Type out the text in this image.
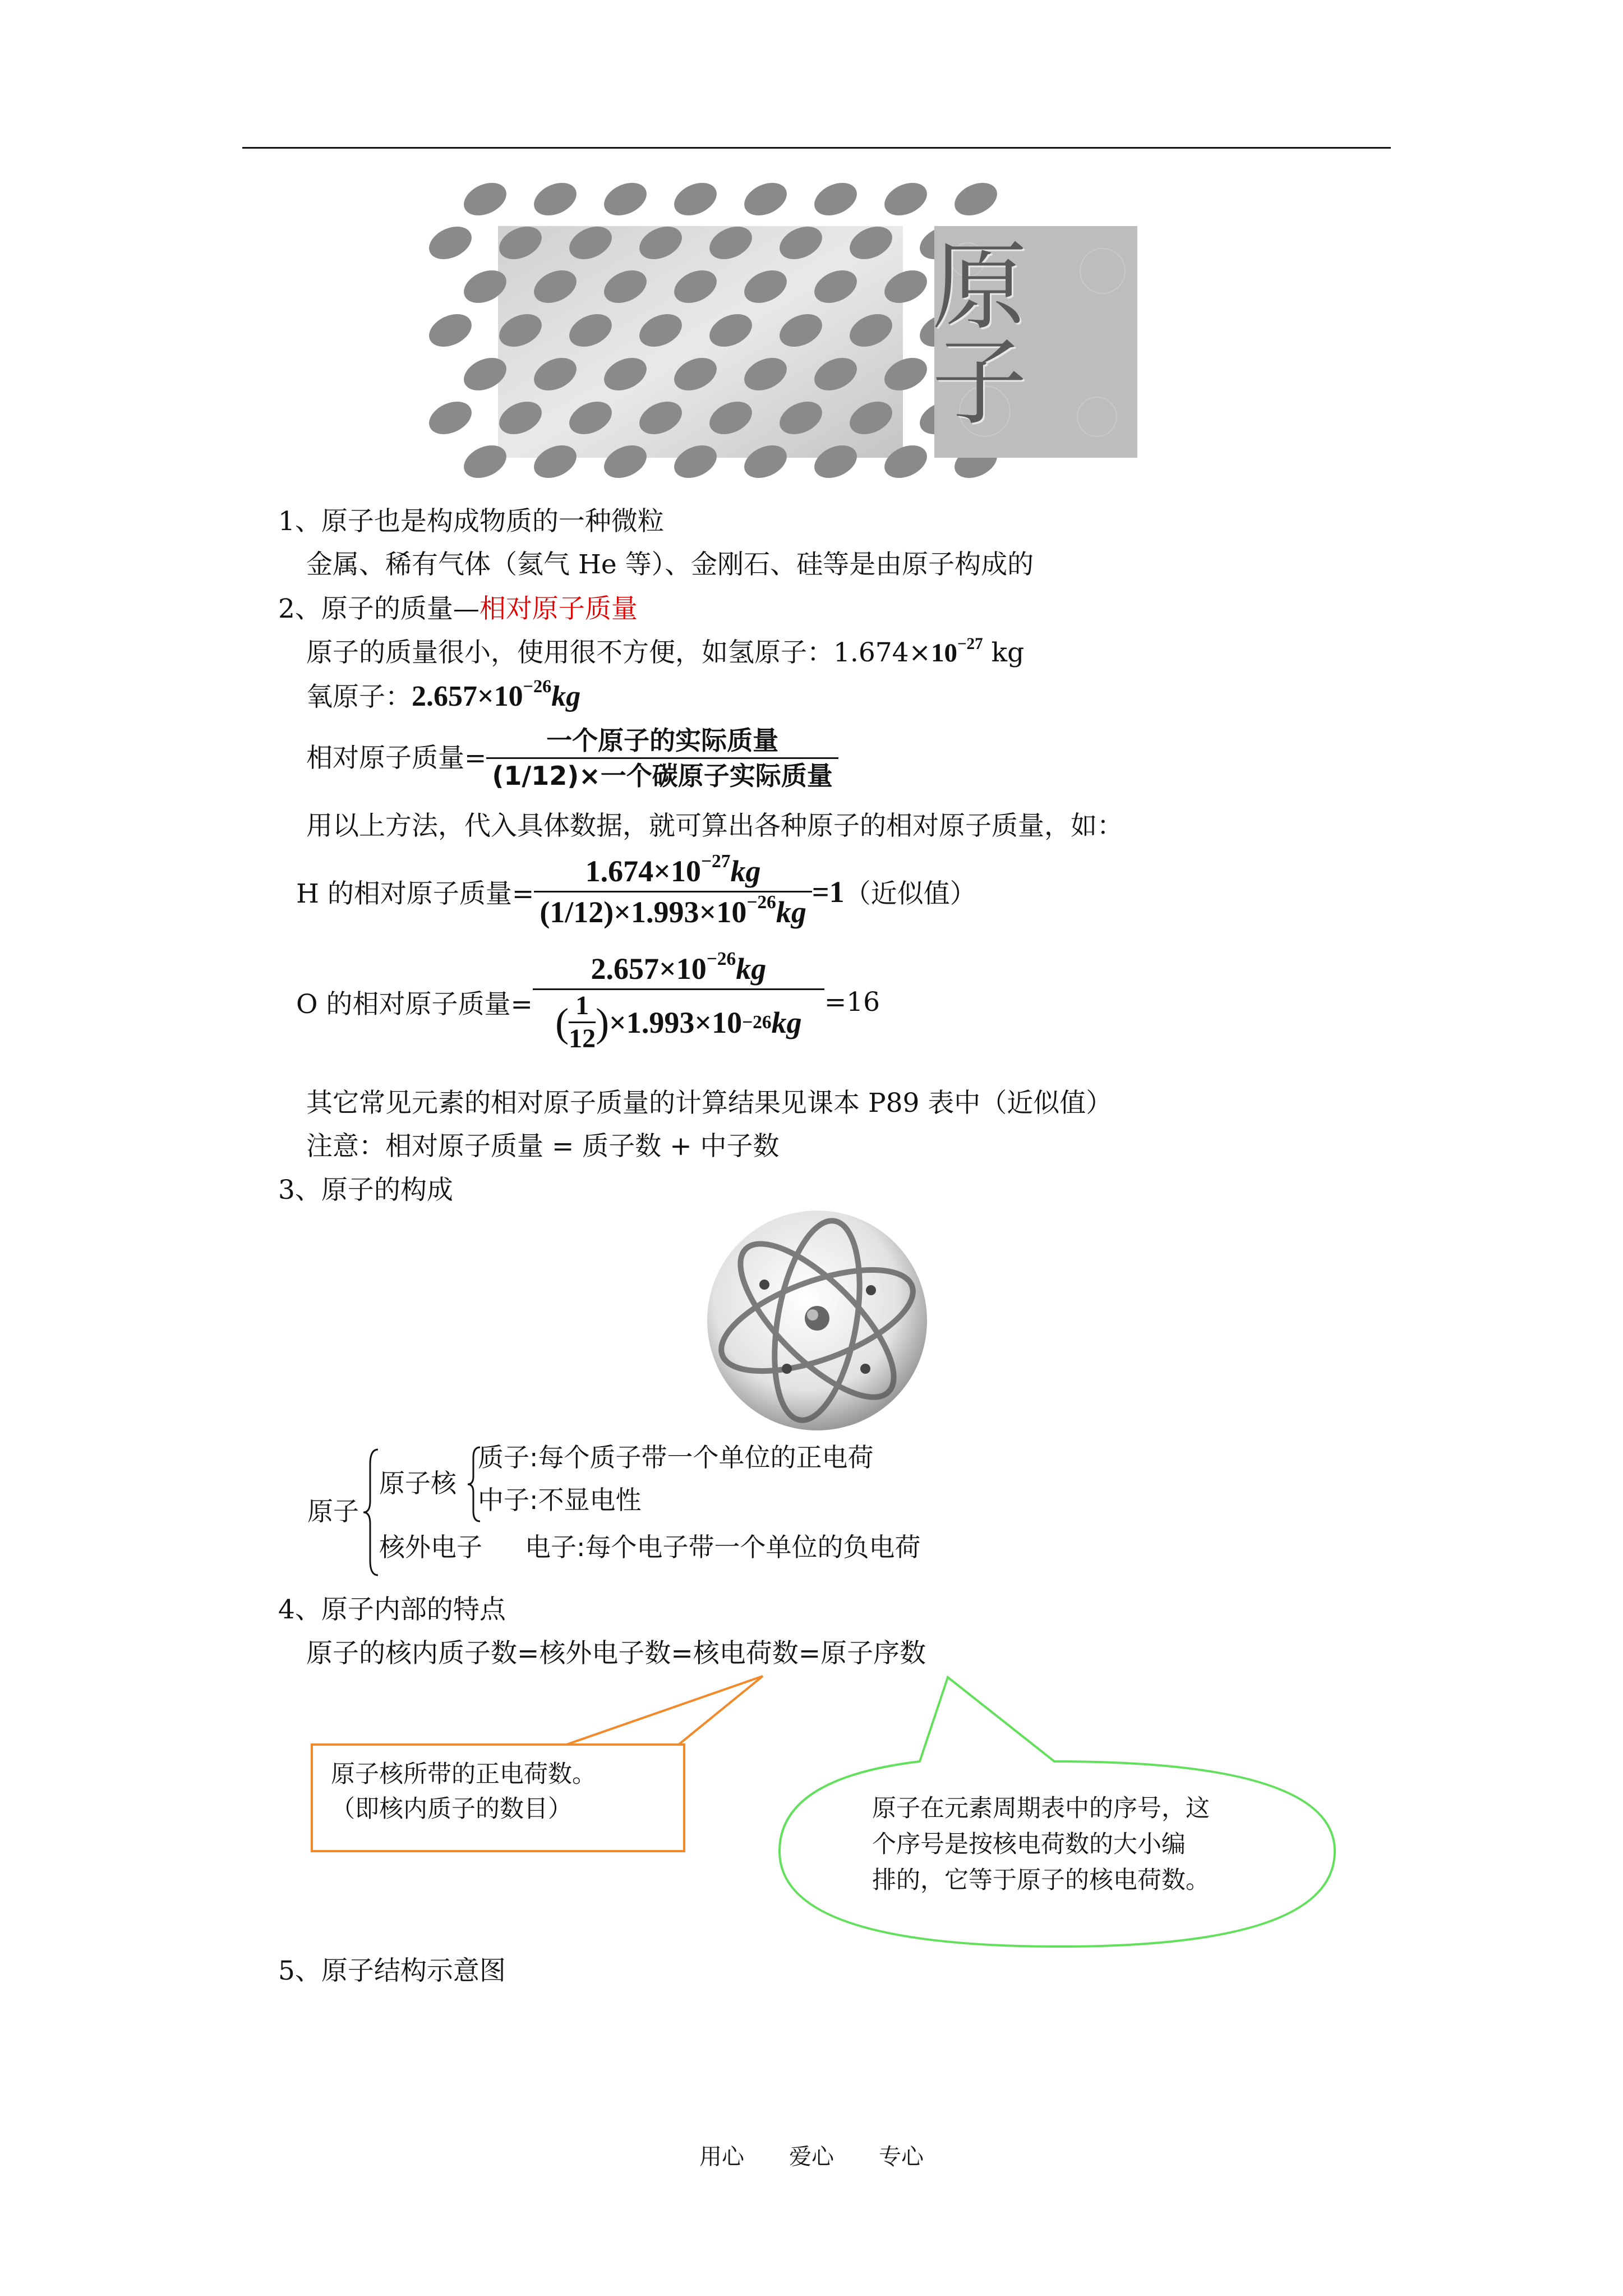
原子
1、原子也是构成物质的一种微粒
金属、稀有气体（氦气 He 等）、金刚石、硅等是由原子构成的
2、原子的质量—相对原子质量
原子的质量很小，使用很不方便，如氢原子：$1.674\times 10^{-27}$ kg
氧原子：$2.657\times 10^{-26}kg$
相对原子质量= $\frac{\text{一个原子的实际质量}}{\text{(1/12)×一个碳原子实际质量}}$
用以上方法，代入具体数据，就可算出各种原子的相对原子质量，如：
H 的相对原子质量= $\frac{1.674\times 10^{-27}kg}{(1/12)\times 1.993\times 10^{-26}kg} =1$ （近似值）
O 的相对原子质量=
$2.657\times 10^{-26}kg$
( $\frac{1}{12}$ ) ×1.993×10 −26 kg
=16
其它常见元素的相对原子质量的计算结果见课本 P89 表中（近似值）
注意：相对原子质量 = 质子数 + 中子数
3、原子的构成
原子
原子核
质子:每个质子带一个单位的正电荷
中子:不显电性
核外电子 电子:每个电子带一个单位的负电荷
4、原子内部的特点
原子的核内质子数=核外电子数=核电荷数=原子序数
原子核所带的正电荷数。
（即核内质子的数目）	原子在元素周期表中的序号，这
个序号是按核电荷数的大小编
排的，它等于原子的核电荷数。
5、原子结构示意图
用心　　爱心　　专心
